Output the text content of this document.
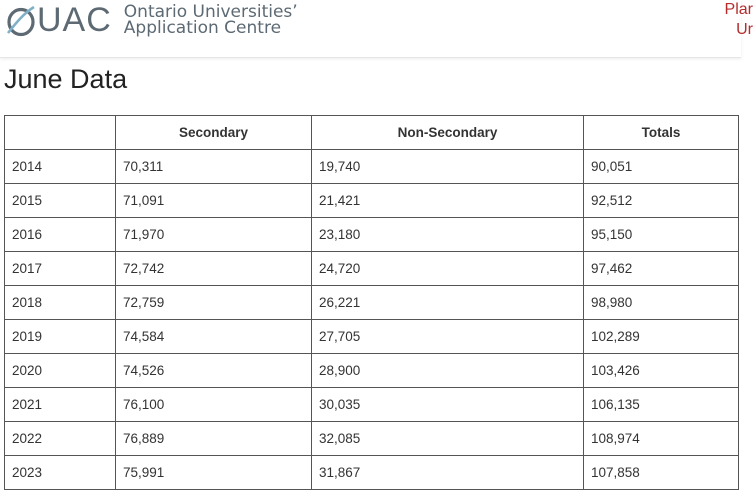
UAC Ontario Universities’
Application Centre
Plar
Ur
June Data
	Secondary	Non-Secondary	Totals
2014	70,311	19,740	90,051
2015	71,091	21,421	92,512
2016	71,970	23,180	95,150
2017	72,742	24,720	97,462
2018	72,759	26,221	98,980
2019	74,584	27,705	102,289
2020	74,526	28,900	103,426
2021	76,100	30,035	106,135
2022	76,889	32,085	108,974
2023	75,991	31,867	107,858
